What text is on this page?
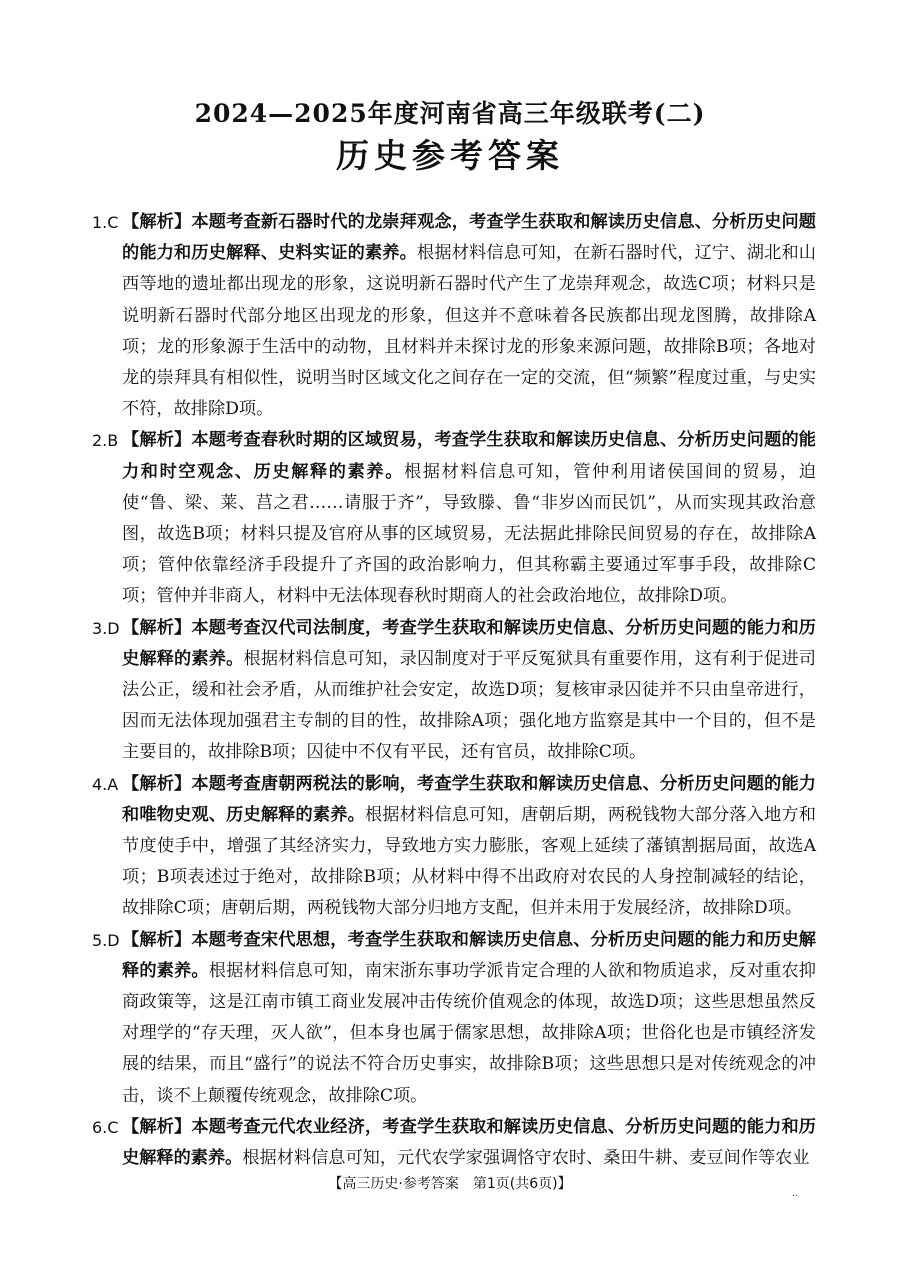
2024—2025年度河南省高三年级联考(二)
历史参考答案
1.C 【解析】本题考查新石器时代的龙崇拜观念，考查学生获取和解读历史信息、分析历史问题的能力和历史解释、史料实证的素养。根据材料信息可知，在新石器时代，辽宁、湖北和山西等地的遗址都出现龙的形象，这说明新石器时代产生了龙崇拜观念，故选C项；材料只是说明新石器时代部分地区出现龙的形象，但这并不意味着各民族都出现龙图腾，故排除A项；龙的形象源于生活中的动物，且材料并未探讨龙的形象来源问题，故排除B项；各地对龙的崇拜具有相似性，说明当时区域文化之间存在一定的交流，但“频繁”程度过重，与史实不符，故排除D项。
2.B 【解析】本题考查春秋时期的区域贸易，考查学生获取和解读历史信息、分析历史问题的能力和时空观念、历史解释的素养。根据材料信息可知，管仲利用诸侯国间的贸易，迫使“鲁、梁、莱、莒之君……请服于齐”，导致滕、鲁“非岁凶而民饥”，从而实现其政治意图，故选B项；材料只提及官府从事的区域贸易，无法据此排除民间贸易的存在，故排除A项；管仲依靠经济手段提升了齐国的政治影响力，但其称霸主要通过军事手段，故排除C项；管仲并非商人，材料中无法体现春秋时期商人的社会政治地位，故排除D项。
3.D 【解析】本题考查汉代司法制度，考查学生获取和解读历史信息、分析历史问题的能力和历史解释的素养。根据材料信息可知，录囚制度对于平反冤狱具有重要作用，这有利于促进司法公正，缓和社会矛盾，从而维护社会安定，故选D项；复核审录囚徒并不只由皇帝进行，因而无法体现加强君主专制的目的性，故排除A项；强化地方监察是其中一个目的，但不是主要目的，故排除B项；囚徒中不仅有平民，还有官员，故排除C项。
4.A 【解析】本题考查唐朝两税法的影响，考查学生获取和解读历史信息、分析历史问题的能力和唯物史观、历史解释的素养。根据材料信息可知，唐朝后期，两税钱物大部分落入地方和节度使手中，增强了其经济实力，导致地方实力膨胀，客观上延续了藩镇割据局面，故选A项；B项表述过于绝对，故排除B项；从材料中得不出政府对农民的人身控制减轻的结论，故排除C项；唐朝后期，两税钱物大部分归地方支配，但并未用于发展经济，故排除D项。
5.D 【解析】本题考查宋代思想，考查学生获取和解读历史信息、分析历史问题的能力和历史解释的素养。根据材料信息可知，南宋浙东事功学派肯定合理的人欲和物质追求，反对重农抑商政策等，这是江南市镇工商业发展冲击传统价值观念的体现，故选D项；这些思想虽然反对理学的“存天理，灭人欲”，但本身也属于儒家思想，故排除A项；世俗化也是市镇经济发展的结果，而且“盛行”的说法不符合历史事实，故排除B项；这些思想只是对传统观念的冲击，谈不上颠覆传统观念，故排除C项。
6.C 【解析】本题考查元代农业经济，考查学生获取和解读历史信息、分析历史问题的能力和历史解释的素养。根据材料信息可知，元代农学家强调恪守农时、桑田牛耕、麦豆间作等农业
【高三历史·参考答案　第1页(共6页)】
..
